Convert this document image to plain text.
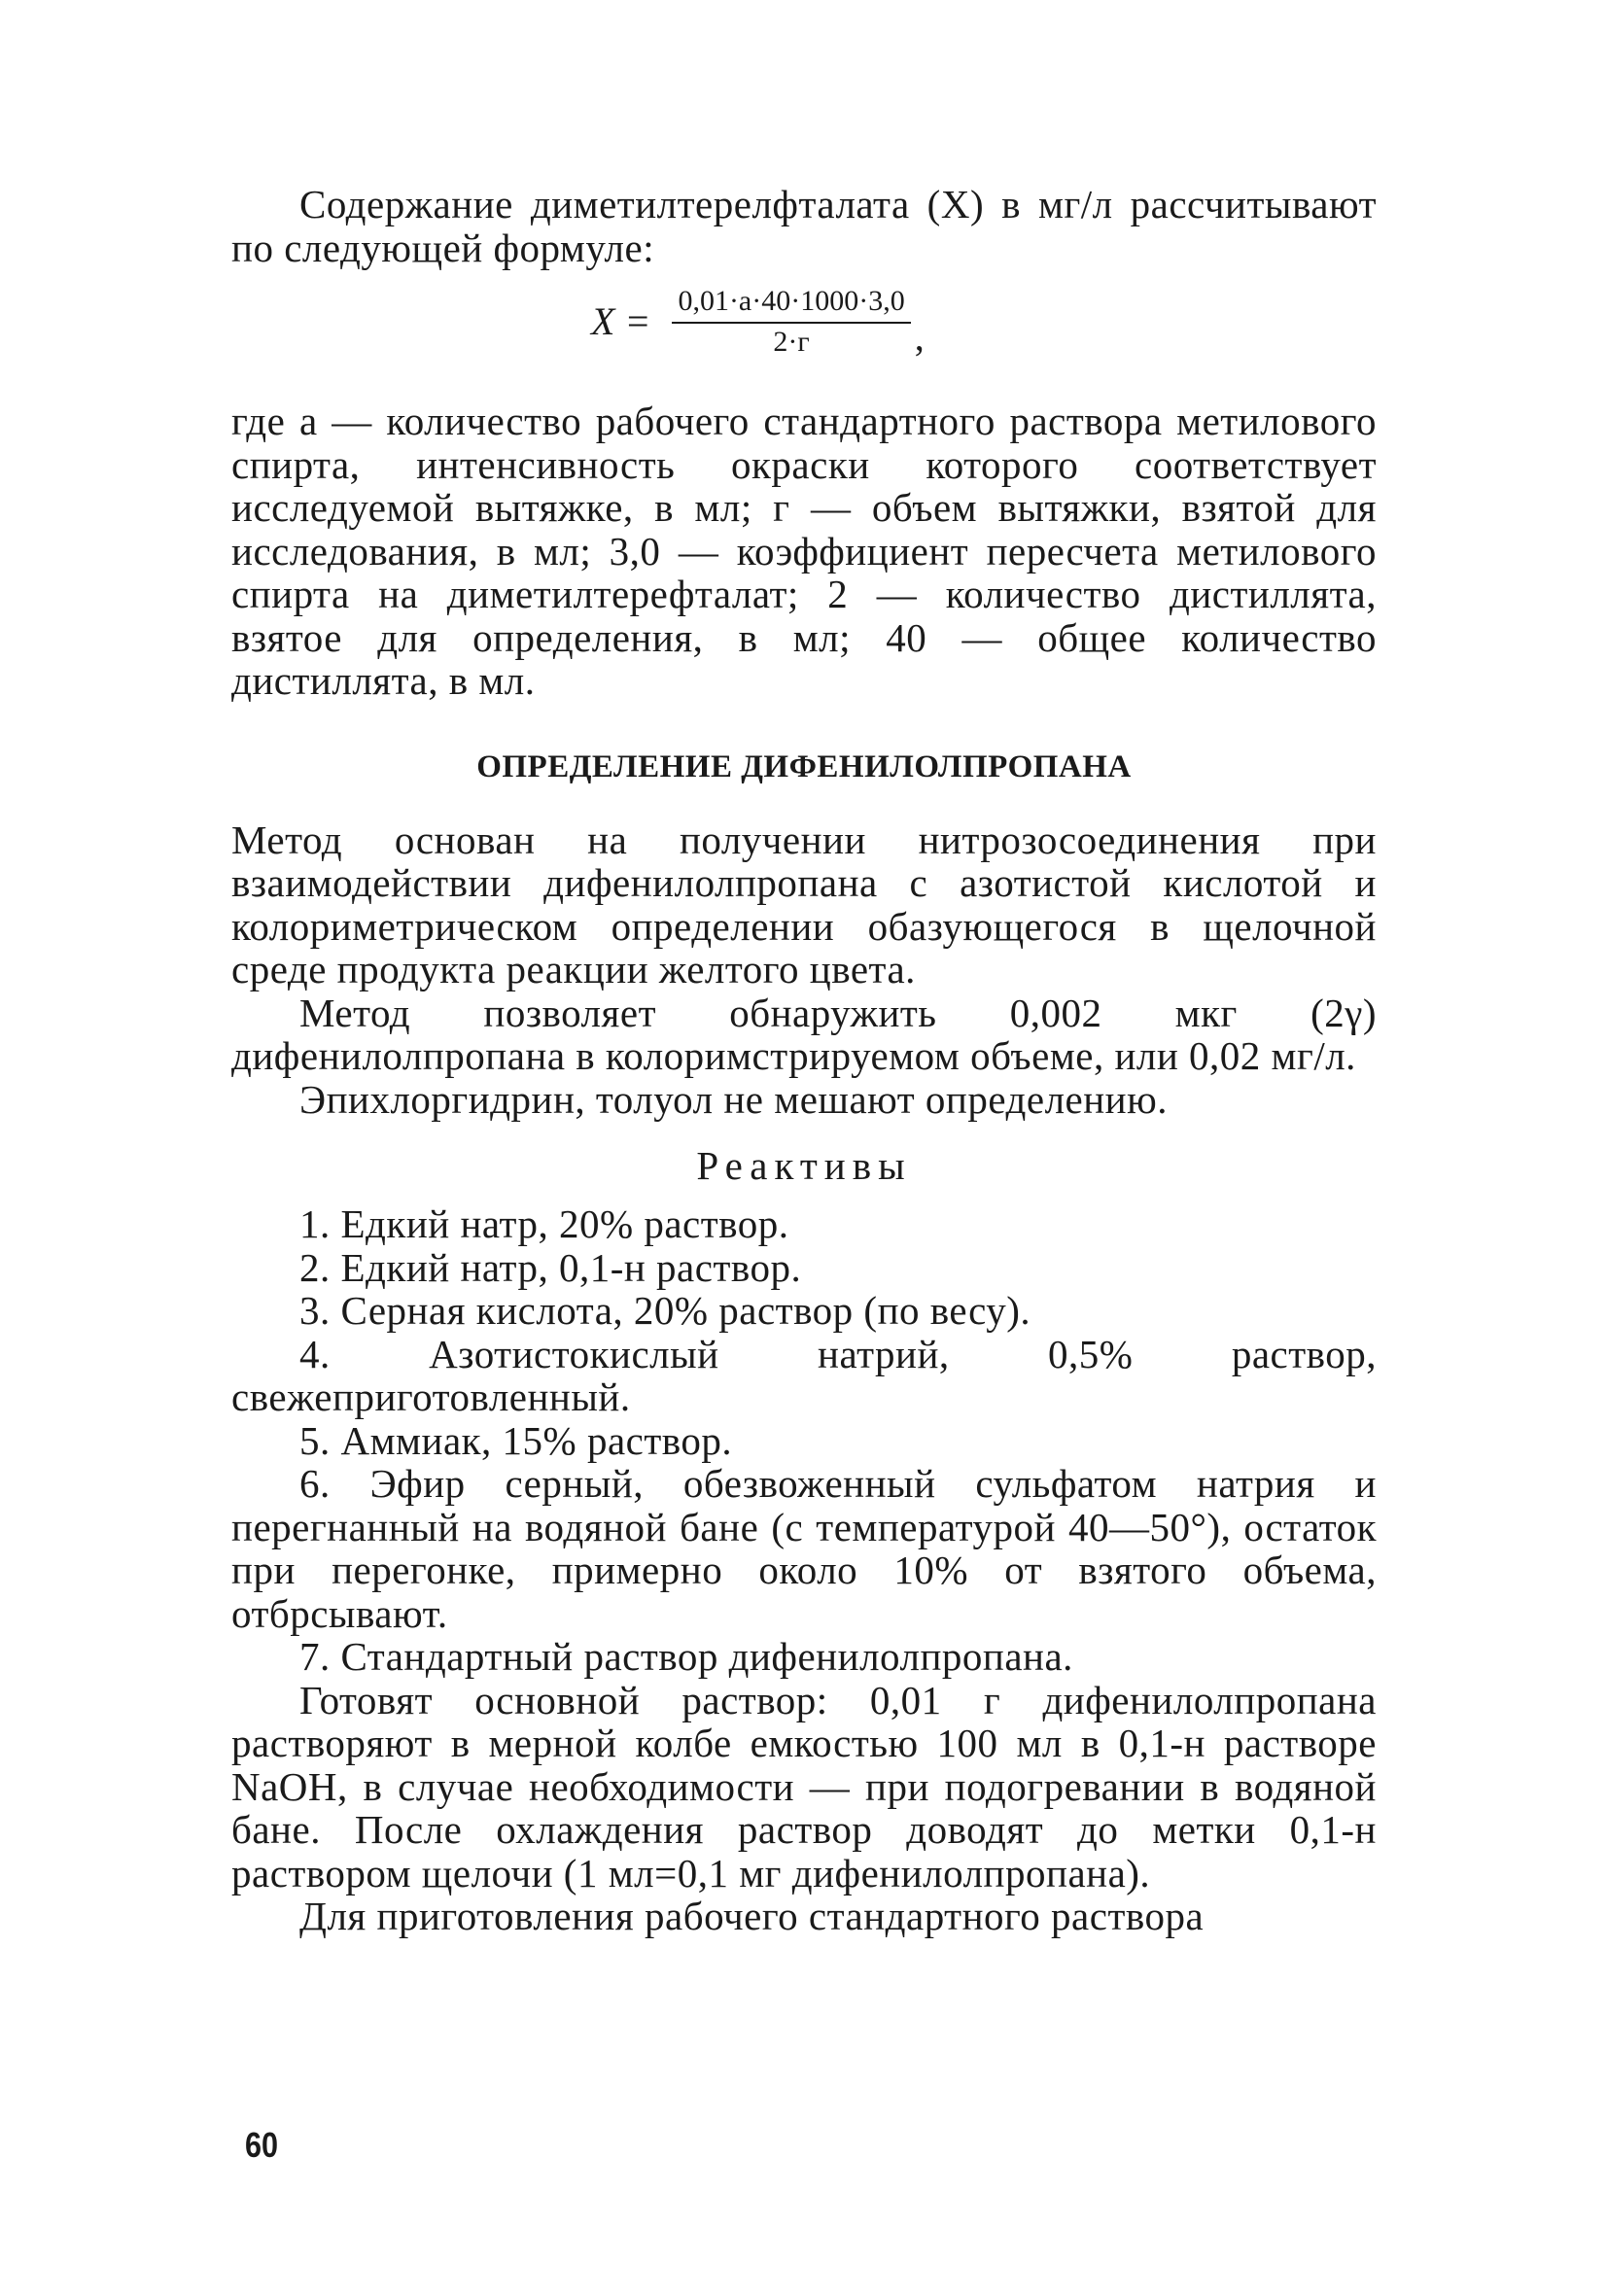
Содержание диметилтерелфталата (X) в мг/л рассчитывают по следующей формуле:

$X = \frac{0,01\cdot a\cdot 40\cdot 1000\cdot 3,0}{2\cdot г}$ ,

где a — количество рабочего стандартного раствора метилового спирта, интенсивность окраски которого соответствует исследуемой вытяжке, в мл; г — объем вытяжки, взятой для исследования, в мл; 3,0 — коэффициент пересчета метилового спирта на диметилтерефталат; 2 — количество дистиллята, взятое для определения, в мл; 40 — общее количество дистиллята, в мл.

ОПРЕДЕЛЕНИЕ ДИФЕНИЛОЛПРОПАНА

Метод основан на получении нитрозосоединения при взаимодействии дифенилолпропана с азотистой кислотой и колориметрическом определении обазующегося в щелочной среде продукта реакции желтого цвета.

Метод позволяет обнаружить 0,002 мкг (2γ) дифенилолпропана в колоримстрируемом объеме, или 0,02 мг/л.

Эпихлоргидрин, толуол не мешают определению.

Реактивы

1. Едкий натр, 20% раствор.

2. Едкий натр, 0,1-н раствор.

3. Серная кислота, 20% раствор (по весу).

4. Азотистокислый натрий, 0,5% раствор, свежеприготовленный.

5. Аммиак, 15% раствор.

6. Эфир серный, обезвоженный сульфатом натрия и перегнанный на водяной бане (с температурой 40—50°), остаток при перегонке, примерно около 10% от взятого объема, отбрсывают.

7. Стандартный раствор дифенилолпропана.

Готовят основной раствор: 0,01 г дифенилолпропана растворяют в мерной колбе емкостью 100 мл в 0,1-н растворе NaOH, в случае необходимости — при подогревании в водяной бане. После охлаждения раствор доводят до метки 0,1-н раствором щелочи (1 мл=0,1 мг дифенилолпропана).

Для приготовления рабочего стандартного раствора

60
